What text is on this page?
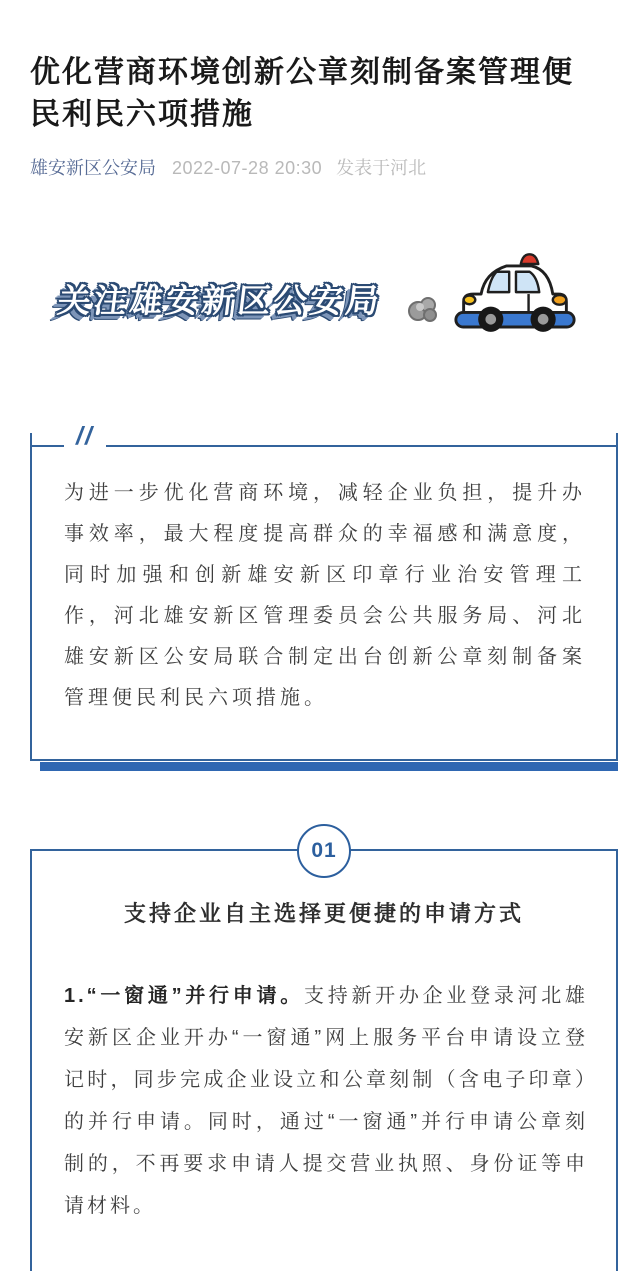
优化营商环境创新公章刻制备案管理便民利民六项措施
雄安新区公安局 2022-07-28 20:30 发表于河北
关注雄安新区公安局
//

为进一步优化营商环境，减轻企业负担，提升办事效率，最大程度提高群众的幸福感和满意度，同时加强和创新雄安新区印章行业治安管理工作，河北雄安新区管理委员会公共服务局、河北雄安新区公安局联合制定出台创新公章刻制备案管理便民利民六项措施。

01
支持企业自主选择更便捷的申请方式

1.“一窗通”并行申请。支持新开办企业登录河北雄安新区企业开办“一窗通”网上服务平台申请设立登记时，同步完成企业设立和公章刻制（含电子印章）的并行申请。同时，通过“一窗通”并行申请公章刻制的，不再要求申请人提交营业执照、身份证等申请材料。
